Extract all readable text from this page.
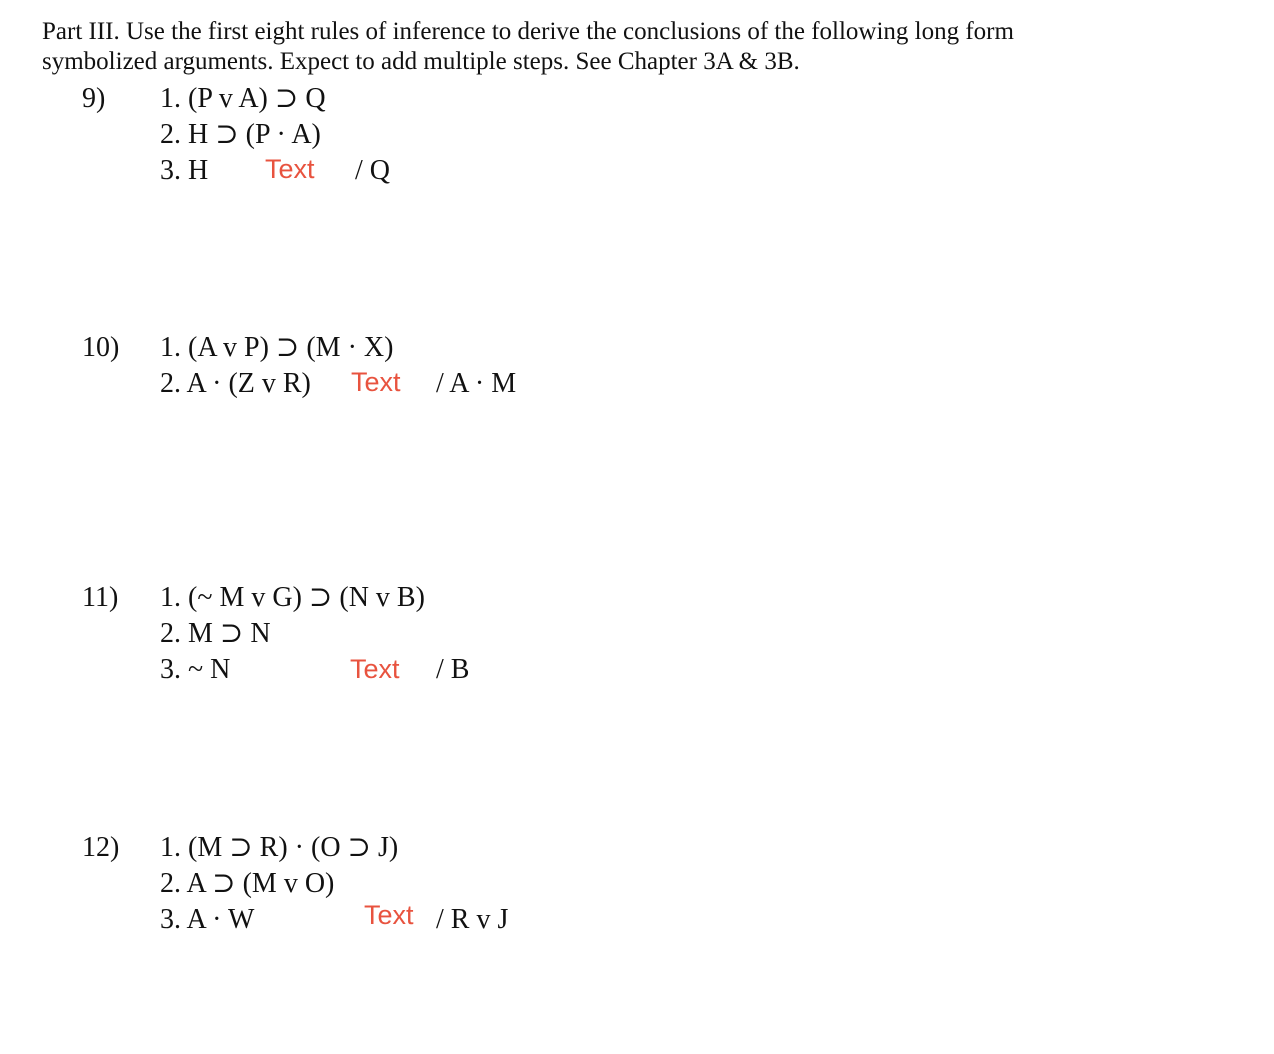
Part III. Use the first eight rules of inference to derive the conclusions of the following long form
symbolized arguments. Expect to add multiple steps. See Chapter 3A & 3B.
9) 1. (P v A) ⊃ Q
2. H ⊃ (P · A)
3. H Text / Q
10) 1. (A v P) ⊃ (M · X)
2. A · (Z v R) Text / A · M
11) 1. (~ M v G) ⊃ (N v B)
2. M ⊃ N
3. ~ N	Text / B
12) 1. (M ⊃ R) · (O ⊃ J)
2. A ⊃ (M v O)
3. A · W	Text / R v J
